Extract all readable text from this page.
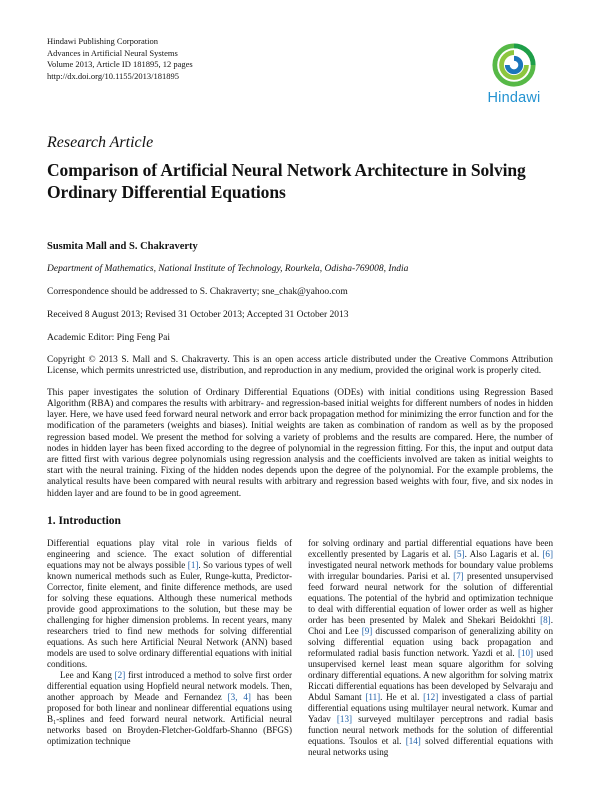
Hindawi Publishing Corporation
Advances in Artificial Neural Systems
Volume 2013, Article ID 181895, 12 pages
http://dx.doi.org/10.1155/2013/181895
Hindawi
Research Article
Comparison of Artificial Neural Network Architecture in Solving Ordinary Differential Equations
Susmita Mall and S. Chakraverty
Department of Mathematics, National Institute of Technology, Rourkela, Odisha-769008, India
Correspondence should be addressed to S. Chakraverty; sne_chak@yahoo.com
Received 8 August 2013; Revised 31 October 2013; Accepted 31 October 2013
Academic Editor: Ping Feng Pai
Copyright © 2013 S. Mall and S. Chakraverty. This is an open access article distributed under the Creative Commons Attribution License, which permits unrestricted use, distribution, and reproduction in any medium, provided the original work is properly cited.
This paper investigates the solution of Ordinary Differential Equations (ODEs) with initial conditions using Regression Based Algorithm (RBA) and compares the results with arbitrary- and regression-based initial weights for different numbers of nodes in hidden layer. Here, we have used feed forward neural network and error back propagation method for minimizing the error function and for the modification of the parameters (weights and biases). Initial weights are taken as combination of random as well as by the proposed regression based model. We present the method for solving a variety of problems and the results are compared. Here, the number of nodes in hidden layer has been fixed according to the degree of polynomial in the regression fitting. For this, the input and output data are fitted first with various degree polynomials using regression analysis and the coefficients involved are taken as initial weights to start with the neural training. Fixing of the hidden nodes depends upon the degree of the polynomial. For the example problems, the analytical results have been compared with neural results with arbitrary and regression based weights with four, five, and six nodes in hidden layer and are found to be in good agreement.
1. Introduction

Differential equations play vital role in various fields of engineering and science. The exact solution of differential equations may not be always possible [1]. So various types of well known numerical methods such as Euler, Runge-kutta, Predictor-Corrector, finite element, and finite difference methods, are used for solving these equations. Although these numerical methods provide good approximations to the solution, but these may be challenging for higher dimension problems. In recent years, many researchers tried to find new methods for solving differential equations. As such here Artificial Neural Network (ANN) based models are used to solve ordinary differential equations with initial conditions.

Lee and Kang [2] first introduced a method to solve first order differential equation using Hopfield neural network models. Then, another approach by Meade and Fernandez [3, 4] has been proposed for both linear and nonlinear differential equations using B₁-splines and feed forward neural network. Artificial neural networks based on Broyden-Fletcher-Goldfarb-Shanno (BFGS) optimization technique

for solving ordinary and partial differential equations have been excellently presented by Lagaris et al. [5]. Also Lagaris et al. [6] investigated neural network methods for boundary value problems with irregular boundaries. Parisi et al. [7] presented unsupervised feed forward neural network for the solution of differential equations. The potential of the hybrid and optimization technique to deal with differential equation of lower order as well as higher order has been presented by Malek and Shekari Beidokhti [8]. Choi and Lee [9] discussed comparison of generalizing ability on solving differential equation using back propagation and reformulated radial basis function network. Yazdi et al. [10] used unsupervised kernel least mean square algorithm for solving ordinary differential equations. A new algorithm for solving matrix Riccati differential equations has been developed by Selvaraju and Abdul Samant [11]. He et al. [12] investigated a class of partial differential equations using multilayer neural network. Kumar and Yadav [13] surveyed multilayer perceptrons and radial basis function neural network methods for the solution of differential equations. Tsoulos et al. [14] solved differential equations with neural networks using
